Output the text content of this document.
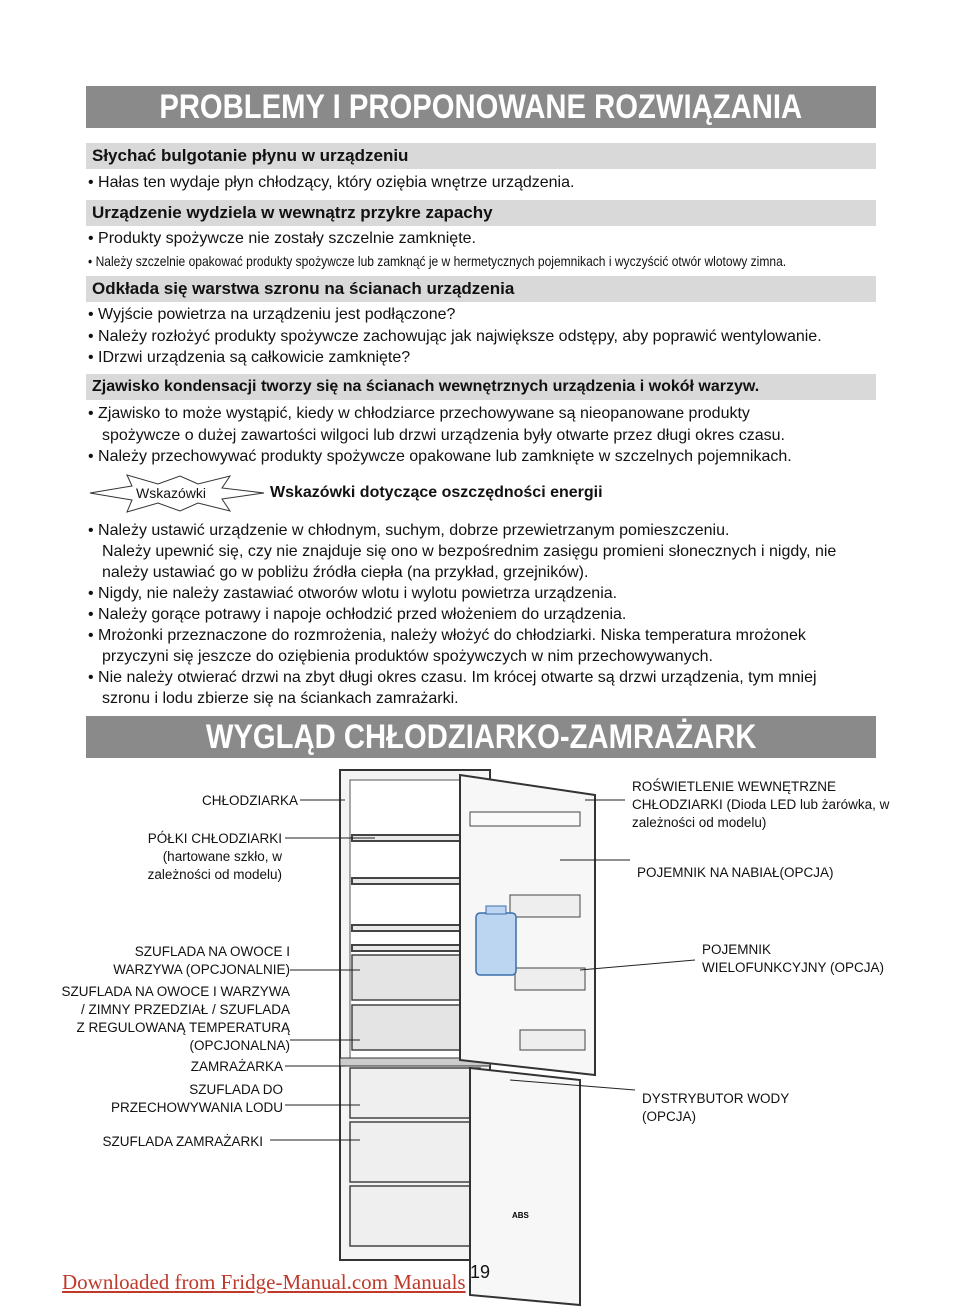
PROBLEMY I PROPONOWANE ROZWIĄZANIA
Słychać bulgotanie płynu w urządzeniu
• Hałas ten wydaje płyn chłodzący, który oziębia wnętrze urządzenia.
Urządzenie wydziela w wewnątrz przykre zapachy
• Produkty spożywcze nie zostały szczelnie zamknięte.
• Należy szczelnie opakować produkty spożywcze lub zamknąć je w hermetycznych pojemnikach i wyczyścić otwór wlotowy zimna.
Odkłada się warstwa szronu na ścianach urządzenia
• Wyjście powietrza na urządzeniu jest podłączone?
• Należy rozłożyć produkty spożywcze zachowując jak największe odstępy, aby poprawić wentylowanie.
• IDrzwi urządzenia są całkowicie zamknięte?
Zjawisko kondensacji tworzy się na ścianach wewnętrznych urządzenia i wokół warzyw.
• Zjawisko to może wystąpić, kiedy w chłodziarce przechowywane są nieopanowane produkty
spożywcze o dużej zawartości wilgoci lub drzwi urządzenia były otwarte przez długi okres czasu.
• Należy przechowywać produkty spożywcze opakowane lub zamknięte w szczelnych pojemnikach.
Wskazówki	Wskazówki dotyczące oszczędności energii
• Należy ustawić urządzenie w chłodnym, suchym, dobrze przewietrzanym pomieszczeniu.
Należy upewnić się, czy nie znajduje się ono w bezpośrednim zasięgu promieni słonecznych i nigdy, nie
należy ustawiać go w pobliżu źródła ciepła (na przykład, grzejników).
• Nigdy, nie należy zastawiać otworów wlotu i wylotu powietrza urządzenia.
• Należy gorące potrawy i napoje ochłodzić przed włożeniem do urządzenia.
• Mrożonki przeznaczone do rozmrożenia, należy włożyć do chłodziarki. Niska temperatura mrożonek
przyczyni się jeszcze do oziębienia produktów spożywczych w nim przechowywanych.
• Nie należy otwierać drzwi na zbyt długi okres czasu. Im krócej otwarte są drzwi urządzenia, tym mniej
szronu i lodu zbierze się na ściankach zamrażarki.
WYGLĄD CHŁODZIARKO-ZAMRAŻARK
ABS
CHŁODZIARKA
PÓŁKI CHŁODZIARKI
(hartowane szkło, w
zależności od modelu)
SZUFLADA NA OWOCE I
WARZYWA (OPCJONALNIE)
SZUFLADA NA OWOCE I WARZYWA
/ ZIMNY PRZEDZIAŁ / SZUFLADA
Z REGULOWANĄ TEMPERATURĄ
(OPCJONALNA)
ZAMRAŻARKA
SZUFLADA DO
PRZECHOWYWANIA LODU
SZUFLADA ZAMRAŻARKI
ROŚWIETLENIE WEWNĘTRZNE
CHŁODZIARKI (Dioda LED lub żarówka, w
zależności od modelu)
POJEMNIK NA NABIAŁ(OPCJA)
POJEMNIK
WIELOFUNKCYJNY (OPCJA)
DYSTRYBUTOR WODY
(OPCJA)
19
Downloaded from Fridge-Manual.com Manuals
